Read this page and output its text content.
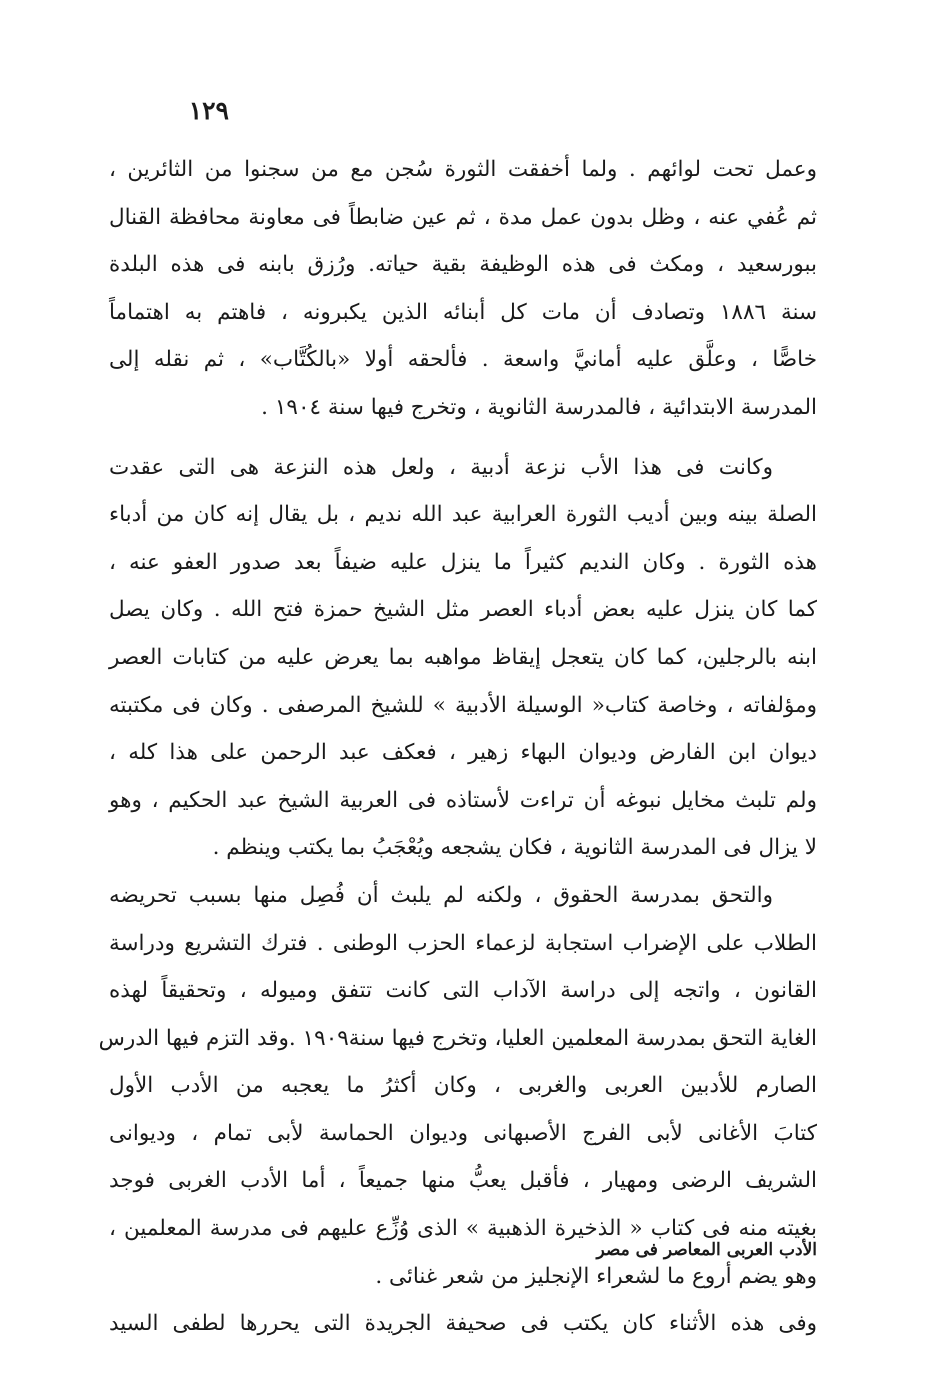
١٢٩

وعمل تحت لوائهم . ولما أخفقت الثورة سُجن مع من سجنوا من الثائرين ،
ثم عُفي عنه ، وظل بدون عمل مدة ، ثم عين ضابطاً فى معاونة محافظة القنال
ببورسعيد ، ومكث فى هذه الوظيفة بقية حياته. ورُزق بابنه فى هذه البلدة
سنة ١٨٨٦ وتصادف أن مات كل أبنائه الذين يكبرونه ، فاهتم به اهتماماً
خاصًّا ، وعلَّق عليه أمانيَّ واسعة . فألحقه أولا «بالكُتَّاب» ، ثم نقله إلى
المدرسة الابتدائية ، فالمدرسة الثانوية ، وتخرج فيها سنة ١٩٠٤ .

وكانت فى هذا الأب نزعة أدبية ، ولعل هذه النزعة هى التى عقدت
الصلة بينه وبين أديب الثورة العرابية عبد الله نديم ، بل يقال إنه كان من أدباء
هذه الثورة . وكان النديم كثيراً ما ينزل عليه ضيفاً بعد صدور العفو عنه ،
كما كان ينزل عليه بعض أدباء العصر مثل الشيخ حمزة فتح الله . وكان يصل
ابنه بالرجلين، كما كان يتعجل إيقاظ مواهبه بما يعرض عليه من كتابات العصر
ومؤلفاته ، وخاصة كتاب« الوسيلة الأدبية » للشيخ المرصفى . وكان فى مكتبته
ديوان ابن الفارض وديوان البهاء زهير ، فعكف عبد الرحمن على هذا كله ،
ولم تلبث مخايل نبوغه أن تراءت لأستاذه فى العربية الشيخ عبد الحكيم ، وهو
لا يزال فى المدرسة الثانوية ، فكان يشجعه ويُعْجَبُ بما يكتب وينظم .

والتحق بمدرسة الحقوق ، ولكنه لم يلبث أن فُصِل منها بسبب تحريضه
الطلاب على الإضراب استجابة لزعماء الحزب الوطنى . فترك التشريع ودراسة
القانون ، واتجه إلى دراسة الآداب التى كانت تتفق وميوله ، وتحقيقاً لهذه
الغاية التحق بمدرسة المعلمين العليا، وتخرج فيها سنة١٩٠٩ .وقد التزم فيها الدرس
الصارم للأدبين العربى والغربى ، وكان أكثرُ ما يعجبه من الأدب الأول
كتابَ الأغانى لأبى الفرج الأصبهانى وديوان الحماسة لأبى تمام ، وديوانى
الشريف الرضى ومهيار ، فأقبل يعبُّ منها جميعاً ، أما الأدب الغربى فوجد
بغيته منه فى كتاب « الذخيرة الذهبية » الذى وُزِّع عليهم فى مدرسة المعلمين ،
وهو يضم أروع ما لشعراء الإنجليز من شعر غنائى .

وفى هذه الأثناء كان يكتب فى صحيفة الجريدة التى يحررها لطفى السيد

الأدب العربى المعاصر فى مصر
